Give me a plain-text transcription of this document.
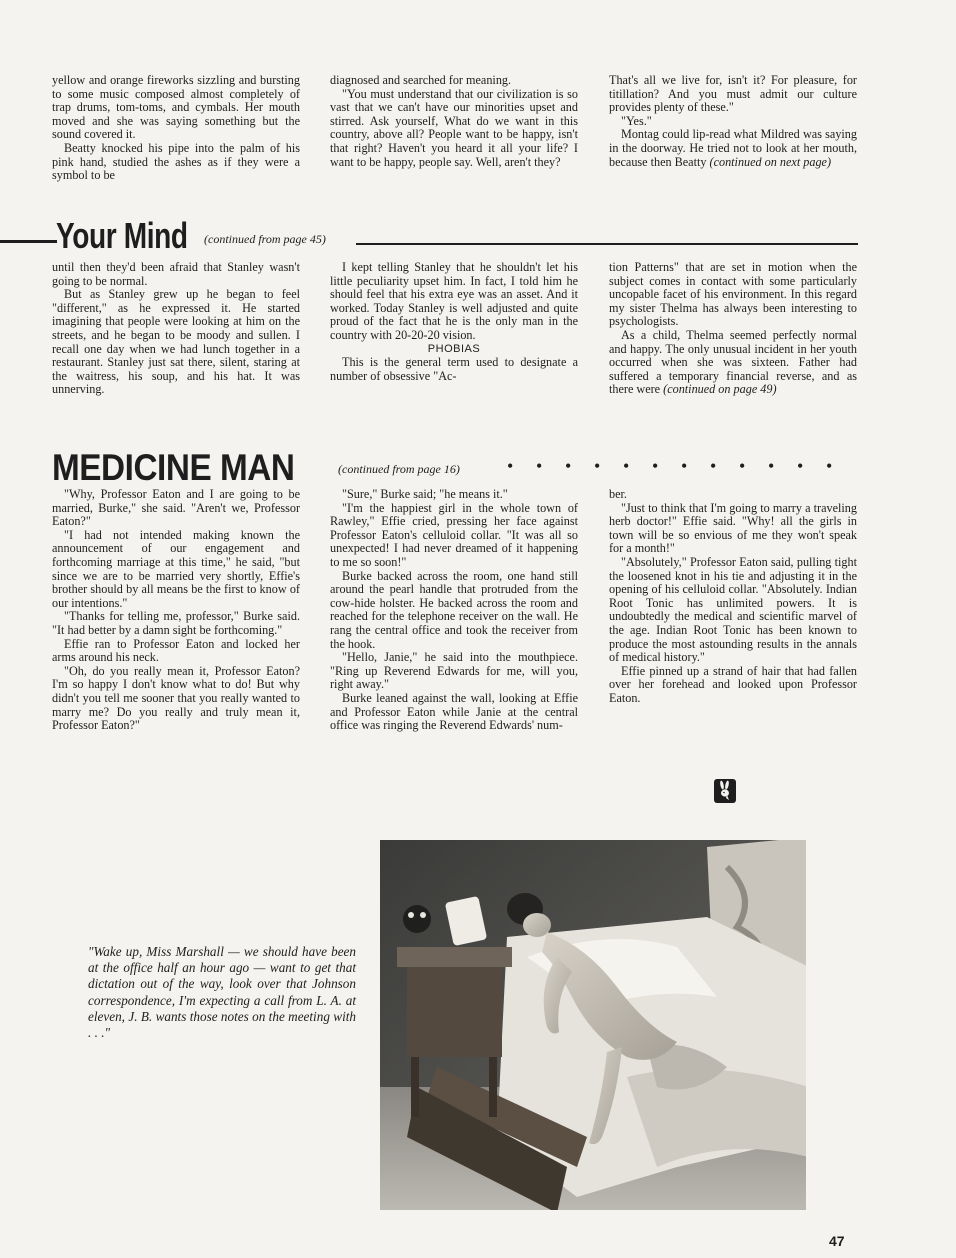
yellow and orange fireworks sizzling and bursting to some music composed almost completely of trap drums, tom-toms, and cymbals. Her mouth moved and she was saying something but the sound covered it.

Beatty knocked his pipe into the palm of his pink hand, studied the ashes as if they were a symbol to be

diagnosed and searched for meaning.

"You must understand that our civilization is so vast that we can't have our minorities upset and stirred. Ask yourself, What do we want in this country, above all? People want to be happy, isn't that right? Haven't you heard it all your life? I want to be happy, people say. Well, aren't they?

That's all we live for, isn't it? For pleasure, for titillation? And you must admit our culture provides plenty of these."

"Yes."

Montag could lip-read what Mildred was saying in the doorway. He tried not to look at her mouth, because then Beatty (continued on next page)

Your Mind (continued from page 45)

until then they'd been afraid that Stanley wasn't going to be normal.

But as Stanley grew up he began to feel "different," as he expressed it. He started imagining that people were looking at him on the streets, and he began to be moody and sullen. I recall one day when we had lunch together in a restaurant. Stanley just sat there, silent, staring at the waitress, his soup, and his hat. It was unnerving.

I kept telling Stanley that he shouldn't let his little peculiarity upset him. In fact, I told him he should feel that his extra eye was an asset. And it worked. Today Stanley is well adjusted and quite proud of the fact that he is the only man in the country with 20-20-20 vision.

PHOBIAS

This is the general term used to designate a number of obsessive "Ac-

tion Patterns" that are set in motion when the subject comes in contact with some particularly uncopable facet of his environment. In this regard my sister Thelma has always been interesting to psychologists.

As a child, Thelma seemed perfectly normal and happy. The only unusual incident in her youth occurred when she was sixteen. Father had suffered a temporary financial reverse, and as there were (continued on page 49)

MEDICINE MAN	(continued from page 16)	• • • • • • • • • • • •

"Why, Professor Eaton and I are going to be married, Burke," she said. "Aren't we, Professor Eaton?"

"I had not intended making known the announcement of our engagement and forthcoming marriage at this time," he said, "but since we are to be married very shortly, Effie's brother should by all means be the first to know of our intentions."

"Thanks for telling me, professor," Burke said. "It had better by a damn sight be forthcoming."

Effie ran to Professor Eaton and locked her arms around his neck.

"Oh, do you really mean it, Professor Eaton? I'm so happy I don't know what to do! But why didn't you tell me sooner that you really wanted to marry me? Do you really and truly mean it, Professor Eaton?"

"Sure," Burke said; "he means it."

"I'm the happiest girl in the whole town of Rawley," Effie cried, pressing her face against Professor Eaton's celluloid collar. "It was all so unexpected! I had never dreamed of it happening to me so soon!"

Burke backed across the room, one hand still around the pearl handle that protruded from the cow-hide holster. He backed across the room and reached for the telephone receiver on the wall. He rang the central office and took the receiver from the hook.

"Hello, Janie," he said into the mouthpiece. "Ring up Reverend Edwards for me, will you, right away."

Burke leaned against the wall, looking at Effie and Professor Eaton while Janie at the central office was ringing the Reverend Edwards' num-

ber.

"Just to think that I'm going to marry a traveling herb doctor!" Effie said. "Why! all the girls in town will be so envious of me they won't speak for a month!"

"Absolutely," Professor Eaton said, pulling tight the loosened knot in his tie and adjusting it in the opening of his celluloid collar. "Absolutely. Indian Root Tonic has unlimited powers. It is undoubtedly the medical and scientific marvel of the age. Indian Root Tonic has been known to produce the most astounding results in the annals of medical history."

Effie pinned up a strand of hair that had fallen over her forehead and looked upon Professor Eaton.

"Wake up, Miss Marshall — we should have been at the office half an hour ago — want to get that dictation out of the way, look over that Johnson correspondence, I'm expecting a call from L. A. at eleven, J. B. wants those notes on the meeting with . . ."
47
